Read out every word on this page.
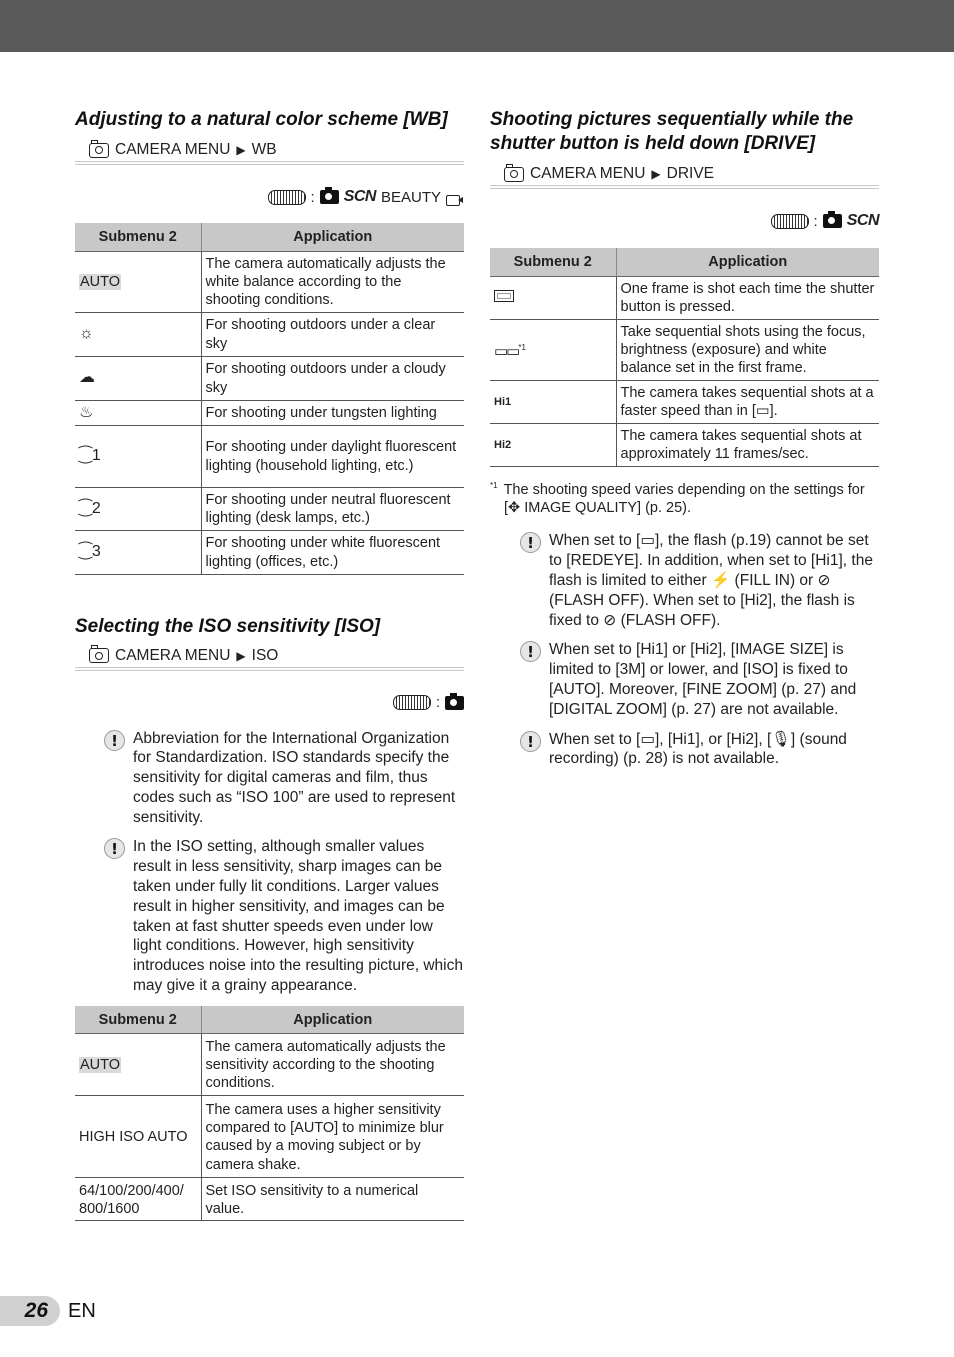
Adjusting to a natural color scheme [WB]
CAMERA MENU ▶ WB
: SCN BEAUTY
Submenu 2	Application
AUTO	The camera automatically adjusts the white balance according to the shooting conditions.
☼	For shooting outdoors under a clear sky
☁	For shooting outdoors under a cloudy sky
♨	For shooting under tungsten lighting
⁐1	For shooting under daylight fluorescent lighting (household lighting, etc.)
⁐2	For shooting under neutral fluorescent lighting (desk lamps, etc.)
⁐3	For shooting under white fluorescent lighting (offices, etc.)
Selecting the ISO sensitivity [ISO]
CAMERA MENU ▶ ISO
:
! Abbreviation for the International Organization for Standardization. ISO standards specify the sensitivity for digital cameras and film, thus codes such as “ISO 100” are used to represent sensitivity.
! In the ISO setting, although smaller values result in less sensitivity, sharp images can be taken under fully lit conditions. Larger values result in higher sensitivity, and images can be taken at fast shutter speeds even under low light conditions. However, high sensitivity introduces noise into the resulting picture, which may give it a grainy appearance.
Submenu 2	Application
AUTO	The camera automatically adjusts the sensitivity according to the shooting conditions.
HIGH ISO AUTO	The camera uses a higher sensitivity compared to [AUTO] to minimize blur caused by a moving subject or by camera shake.
64/100/200/400/ 800/1600	Set ISO sensitivity to a numerical value.
Shooting pictures sequentially while the shutter button is held down [DRIVE]
CAMERA MENU ▶ DRIVE
: SCN
Submenu 2	Application
	One frame is shot each time the shutter button is pressed.
▭▭$^{*1}$	Take sequential shots using the focus, brightness (exposure) and white balance set in the first frame.
Hi1	The camera takes sequential shots at a faster speed than in [▭].
Hi2	The camera takes sequential shots at approximately 11 frames/sec.

$^{*1}$ The shooting speed varies depending on the settings for [✥ IMAGE QUALITY] (p. 25).

! When set to [▭], the flash (p.19) cannot be set to [REDEYE]. In addition, when set to [Hi1], the flash is limited to either ⚡ (FILL IN) or ⊘ (FLASH OFF). When set to [Hi2], the flash is fixed to ⊘ (FLASH OFF).
! When set to [Hi1] or [Hi2], [IMAGE SIZE] is limited to [3M] or lower, and [ISO] is fixed to [AUTO]. Moreover, [FINE ZOOM] (p. 27) and [DIGITAL ZOOM] (p. 27) are not available.
! When set to [▭], [Hi1], or [Hi2], [🎙] (sound recording) (p. 28) is not available.
26	EN
